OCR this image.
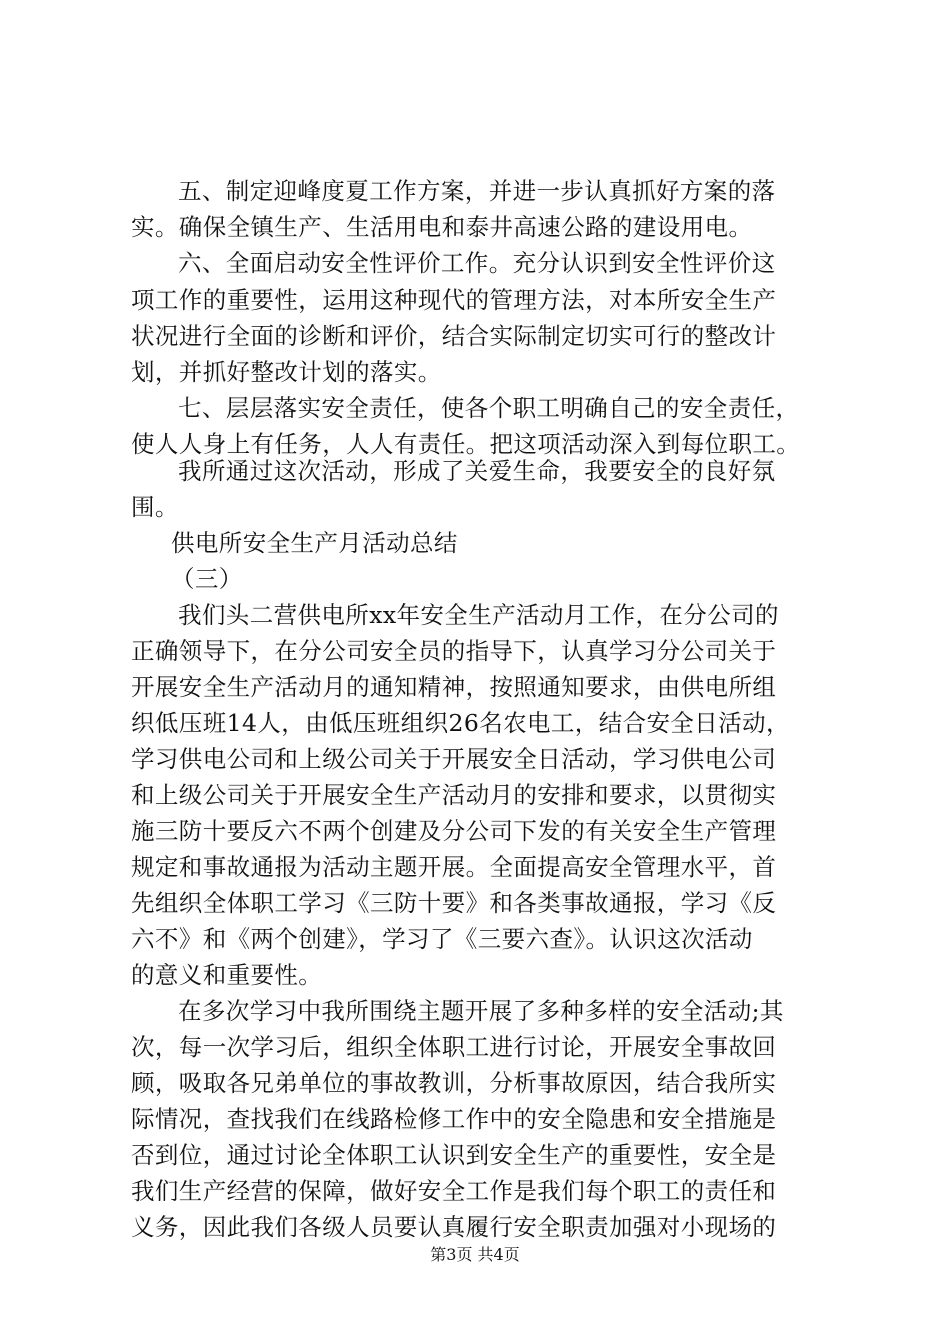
五、制定迎峰度夏工作方案，并进一步认真抓好方案的落
实。确保全镇生产、生活用电和泰井高速公路的建设用电。
六、全面启动安全性评价工作。充分认识到安全性评价这
项工作的重要性，运用这种现代的管理方法，对本所安全生产
状况进行全面的诊断和评价，结合实际制定切实可行的整改计
划，并抓好整改计划的落实。
七、层层落实安全责任，使各个职工明确自己的安全责任，
使人人身上有任务，人人有责任。把这项活动深入到每位职工。
我所通过这次活动，形成了关爱生命，我要安全的良好氛
围。
供电所安全生产月活动总结
（三）
我们头二营供电所xx年安全生产活动月工作，在分公司的
正确领导下，在分公司安全员的指导下，认真学习分公司关于
开展安全生产活动月的通知精神，按照通知要求，由供电所组
织低压班14人，由低压班组织26名农电工，结合安全日活动，
学习供电公司和上级公司关于开展安全日活动，学习供电公司
和上级公司关于开展安全生产活动月的安排和要求，以贯彻实
施三防十要反六不两个创建及分公司下发的有关安全生产管理
规定和事故通报为活动主题开展。全面提高安全管理水平，首
先组织全体职工学习《三防十要》和各类事故通报，学习《反
六不》和《两个创建》，学习了《三要六查》。认识这次活动
的意义和重要性。
在多次学习中我所围绕主题开展了多种多样的安全活动;其
次，每一次学习后，组织全体职工进行讨论，开展安全事故回
顾，吸取各兄弟单位的事故教训，分析事故原因，结合我所实
际情况，查找我们在线路检修工作中的安全隐患和安全措施是
否到位，通过讨论全体职工认识到安全生产的重要性，安全是
我们生产经营的保障，做好安全工作是我们每个职工的责任和
义务，因此我们各级人员要认真履行安全职责加强对小现场的
第3页 共4页
